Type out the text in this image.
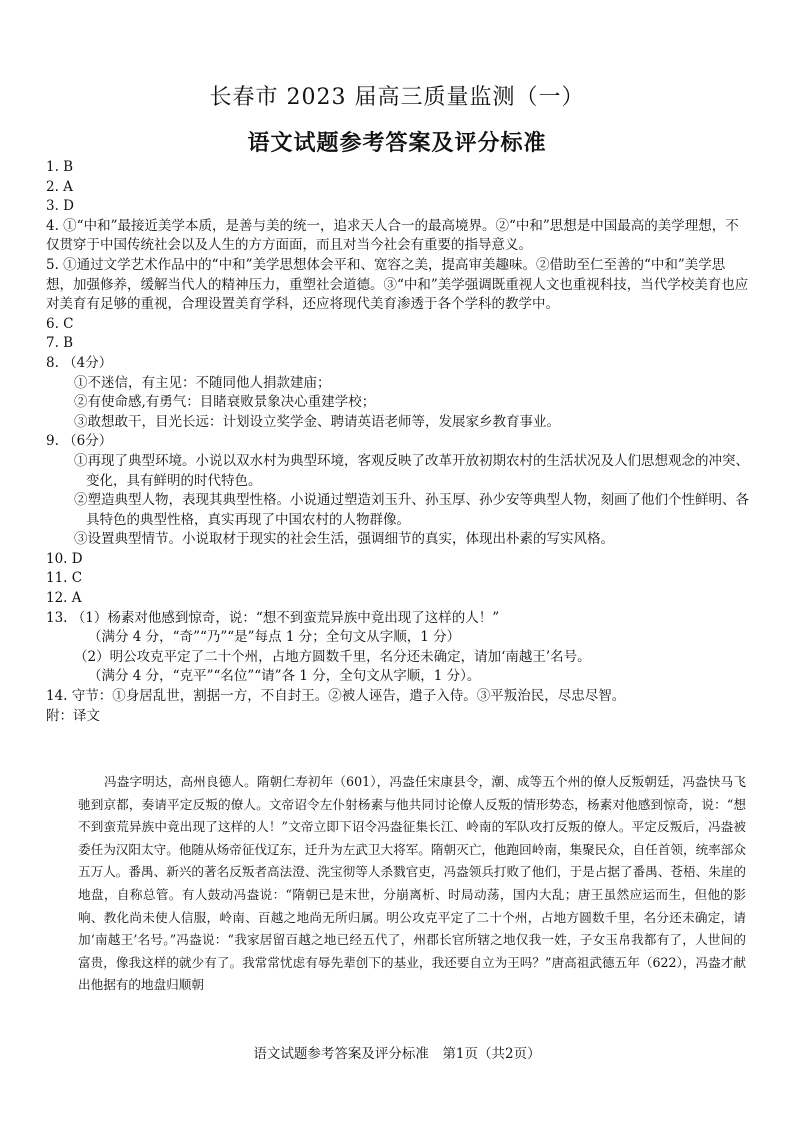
长春市 2023 届高三质量监测（一）
语文试题参考答案及评分标准

1. B

2. A

3. D

4. ①“中和”最接近美学本质，是善与美的统一，追求天人合一的最高境界。②“中和”思想是中国最高的美学理想，不仅贯穿于中国传统社会以及人生的方方面面，而且对当今社会有重要的指导意义。

5. ①通过文学艺术作品中的“中和”美学思想体会平和、宽容之美，提高审美趣味。②借助至仁至善的“中和”美学思想，加强修养，缓解当代人的精神压力，重塑社会道德。③“中和”美学强调既重视人文也重视科技，当代学校美育也应对美育有足够的重视，合理设置美育学科，还应将现代美育渗透于各个学科的教学中。

6. C

7. B

8. （4分）

①不迷信，有主见：不随同他人捐款建庙；

②有使命感,有勇气：目睹衰败景象决心重建学校；

③敢想敢干，目光长远：计划设立奖学金、聘请英语老师等，发展家乡教育事业。

9. （6分）

①再现了典型环境。小说以双水村为典型环境，客观反映了改革开放初期农村的生活状况及人们思想观念的冲突、变化，具有鲜明的时代特色。

②塑造典型人物，表现其典型性格。小说通过塑造刘玉升、孙玉厚、孙少安等典型人物，刻画了他们个性鲜明、各具特色的典型性格，真实再现了中国农村的人物群像。

③设置典型情节。小说取材于现实的社会生活，强调细节的真实，体现出朴素的写实风格。

10. D

11. C

12. A

13. （1）杨素对他感到惊奇，说：“想不到蛮荒异族中竟出现了这样的人！”

（满分 4 分，“奇”“乃”“是”每点 1 分；全句文从字顺，1 分）

（2）明公攻克平定了二十个州，占地方圆数千里，名分还未确定，请加‘南越王’名号。

（满分 4 分，“克平”“名位”“请”各 1 分，全句文从字顺，1 分）。

14. 守节：①身居乱世，割据一方，不自封王。②被人诬告，遣子入侍。③平叛治民，尽忠尽智。

附：译文

冯盎字明达，高州良德人。隋朝仁寿初年（601），冯盎任宋康县令，潮、成等五个州的僚人反叛朝廷，冯盎快马飞驰到京都，奏请平定反叛的僚人。文帝诏令左仆射杨素与他共同讨论僚人反叛的情形势态，杨素对他感到惊奇，说：“想不到蛮荒异族中竟出现了这样的人！”文帝立即下诏令冯盎征集长江、岭南的军队攻打反叛的僚人。平定反叛后，冯盎被委任为汉阳太守。他随从炀帝征伐辽东，迁升为左武卫大将军。隋朝灭亡，他跑回岭南，集聚民众，自任首领，统率部众五万人。番禺、新兴的著名反叛者高法澄、洗宝彻等人杀戮官吏，冯盎领兵打败了他们，于是占据了番禺、苍梧、朱崖的地盘，自称总管。有人鼓动冯盎说：“隋朝已是末世，分崩离析、时局动荡，国内大乱；唐王虽然应运而生，但他的影响、教化尚未使人信服，岭南、百越之地尚无所归属。明公攻克平定了二十个州，占地方圆数千里，名分还未确定，请加‘南越王’名号。”冯盎说：“我家居留百越之地已经五代了，州郡长官所辖之地仅我一姓，子女玉帛我都有了，人世间的富贵，像我这样的就少有了。我常常忧虑有辱先辈创下的基业，我还要自立为王吗？”唐高祖武德五年（622），冯盎才献出他据有的地盘归顺朝

语文试题参考答案及评分标准　第1页（共2页）
